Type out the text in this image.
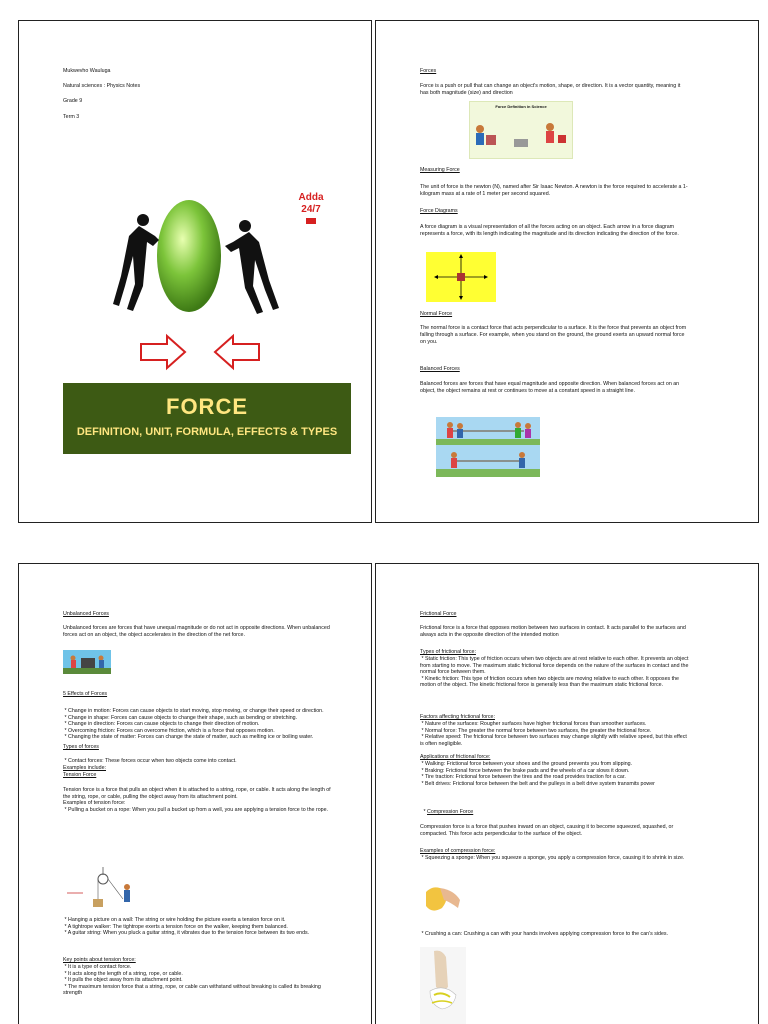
Mukwevho Wauluga
Natural sciences : Physics Notes
Grade 9
Term 3
Adda 24/7
FORCE
DEFINITION, UNIT, FORMULA, EFFECTS & TYPES
Forces
Force is a push or pull that can change an object's motion, shape, or direction. It is a vector quantity, meaning it has both magnitude (size) and direction
Force Definition in Science
Measuring Force
The unit of force is the newton (N), named after Sir Isaac Newton. A newton is the force required to accelerate a 1-kilogram mass at a rate of 1 meter per second squared.
Force Diagrams
A force diagram is a visual representation of all the forces acting on an object. Each arrow in a force diagram represents a force, with its length indicating the magnitude and its direction indicating the direction of the force.
Normal Force
The normal force is a contact force that acts perpendicular to a surface. It is the force that prevents an object from falling through a surface. For example, when you stand on the ground, the ground exerts an upward normal force on you.
Balanced Forces
Balanced forces are forces that have equal magnitude and opposite direction. When balanced forces act on an object, the object remains at rest or continues to move at a constant speed in a straight line.
Unbalanced Forces
Unbalanced forces are forces that have unequal magnitude or do not act in opposite directions. When unbalanced forces act on an object, the object accelerates in the direction of the net force.
5 Effects of Forces
* Change in motion: Forces can cause objects to start moving, stop moving, or change their speed or direction.
* Change in shape: Forces can cause objects to change their shape, such as bending or stretching.
* Change in direction: Forces can cause objects to change their direction of motion.
* Overcoming friction: Forces can overcome friction, which is a force that opposes motion.
* Changing the state of matter: Forces can change the state of matter, such as melting ice or boiling water.
Types of forces
* Contact forces: These forces occur when two objects come into contact.
Examples include:
Tension Force
Tension force is a force that pulls an object when it is attached to a string, rope, or cable. It acts along the length of the string, rope, or cable, pulling the object away from its attachment point.
Examples of tension force:
* Pulling a bucket on a rope: When you pull a bucket up from a well, you are applying a tension force to the rope.
* Hanging a picture on a wall: The string or wire holding the picture exerts a tension force on it.
* A tightrope walker: The tightrope exerts a tension force on the walker, keeping them balanced.
* A guitar string: When you pluck a guitar string, it vibrates due to the tension force between its two ends.
Key points about tension force:
* It is a type of contact force.
* It acts along the length of a string, rope, or cable.
* It pulls the object away from its attachment point.
* The maximum tension force that a string, rope, or cable can withstand without breaking is called its breaking strength
Frictional Force
Frictional force is a force that opposes motion between two surfaces in contact. It acts parallel to the surfaces and always acts in the opposite direction of the intended motion
Types of frictional force:
* Static friction: This type of friction occurs when two objects are at rest relative to each other. It prevents an object from starting to move. The maximum static frictional force depends on the nature of the surfaces in contact and the normal force between them.
* Kinetic friction: This type of friction occurs when two objects are moving relative to each other. It opposes the motion of the object. The kinetic frictional force is generally less than the maximum static frictional force.
Factors affecting frictional force:
* Nature of the surfaces: Rougher surfaces have higher frictional forces than smoother surfaces.
* Normal force: The greater the normal force between two surfaces, the greater the frictional force.
* Relative speed: The frictional force between two surfaces may change slightly with relative speed, but this effect is often negligible.
Applications of frictional force:
* Walking: Frictional force between your shoes and the ground prevents you from slipping.
* Braking: Frictional force between the brake pads and the wheels of a car slows it down.
* Tire traction: Frictional force between the tires and the road provides traction for a car.
* Belt drives: Frictional force between the belt and the pulleys in a belt drive system transmits power
* Compression Force
Compression force is a force that pushes inward on an object, causing it to become squeezed, squashed, or compacted. This force acts perpendicular to the surface of the object.
Examples of compression force:
* Squeezing a sponge: When you squeeze a sponge, you apply a compression force, causing it to shrink in size.
* Crushing a can: Crushing a can with your hands involves applying compression force to the can's sides.
